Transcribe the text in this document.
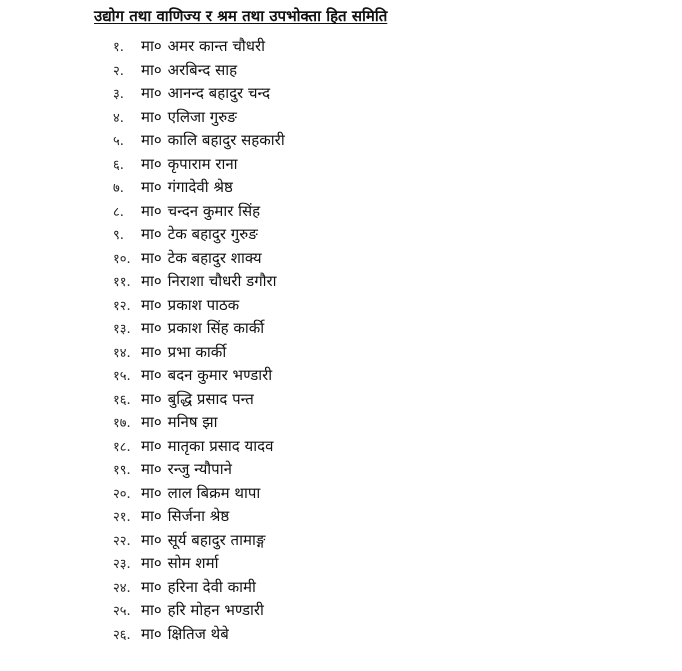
उद्योग तथा वाणिज्य र श्रम तथा उपभोक्ता हित समिति
१.	मा० अमर कान्त चौधरी
२.	मा० अरबिन्द साह
३.	मा० आनन्द बहादुर चन्द
४.	मा० एलिजा गुरुङ
५.	मा० कालि बहादुर सहकारी
६.	मा० कृपाराम राना
७.	मा० गंगादेवी श्रेष्ठ
८.	मा० चन्दन कुमार सिंह
९.	मा० टेक बहादुर गुरुङ
१०. मा० टेक बहादुर शाक्य
११. मा० निराशा चौधरी डगौरा
१२. मा० प्रकाश पाठक
१३. मा० प्रकाश सिंह कार्की
१४. मा० प्रभा कार्की
१५. मा० बदन कुमार भण्डारी
१६. मा० बुद्धि प्रसाद पन्त
१७. मा० मनिष झा
१८. मा० मातृका प्रसाद यादव
१९. मा० रन्जु न्यौपाने
२०. मा० लाल बिक्रम थापा
२१. मा० सिर्जना श्रेष्ठ
२२. मा० सूर्य बहादुर तामाङ्ग
२३. मा० सोम शर्मा
२४. मा० हरिना देवी कामी
२५. मा० हरि मोहन भण्डारी
२६. मा० क्षितिज थेबे
